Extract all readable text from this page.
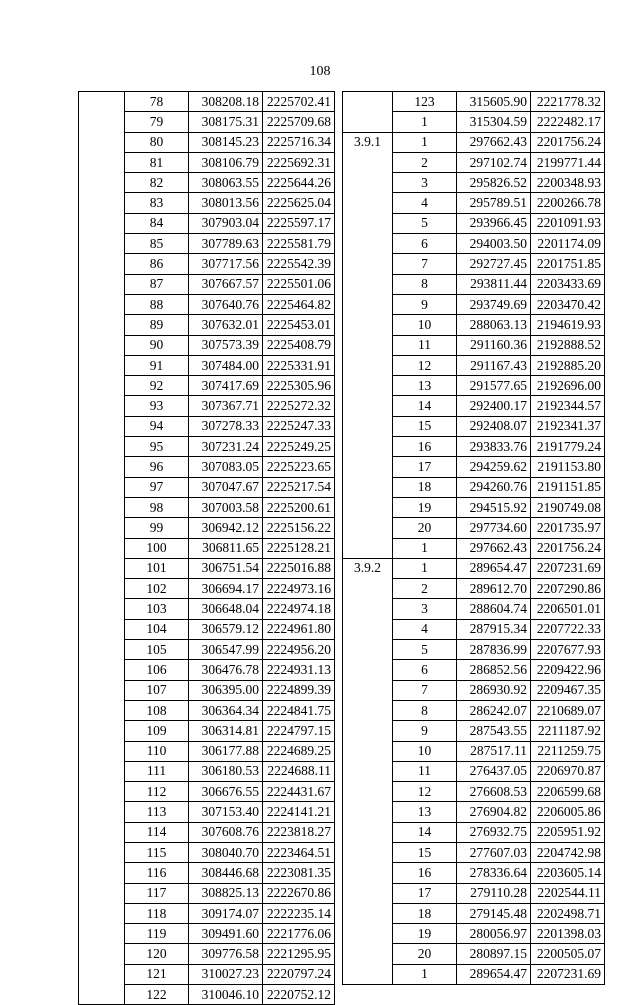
108
	78	308208.18	2225702.41
	79	308175.31	2225709.68
	80	308145.23	2225716.34
	81	308106.79	2225692.31
	82	308063.55	2225644.26
	83	308013.56	2225625.04
	84	307903.04	2225597.17
	85	307789.63	2225581.79
	86	307717.56	2225542.39
	87	307667.57	2225501.06
	88	307640.76	2225464.82
	89	307632.01	2225453.01
	90	307573.39	2225408.79
	91	307484.00	2225331.91
	92	307417.69	2225305.96
	93	307367.71	2225272.32
	94	307278.33	2225247.33
	95	307231.24	2225249.25
	96	307083.05	2225223.65
	97	307047.67	2225217.54
	98	307003.58	2225200.61
	99	306942.12	2225156.22
	100	306811.65	2225128.21
	101	306751.54	2225016.88
	102	306694.17	2224973.16
	103	306648.04	2224974.18
	104	306579.12	2224961.80
	105	306547.99	2224956.20
	106	306476.78	2224931.13
	107	306395.00	2224899.39
	108	306364.34	2224841.75
	109	306314.81	2224797.15
	110	306177.88	2224689.25
	111	306180.53	2224688.11
	112	306676.55	2224431.67
	113	307153.40	2224141.21
	114	307608.76	2223818.27
	115	308040.70	2223464.51
	116	308446.68	2223081.35
	117	308825.13	2222670.86
	118	309174.07	2222235.14
	119	309491.60	2221776.06
	120	309776.58	2221295.95
	121	310027.23	2220797.24
	122	310046.10	2220752.12
	123	315605.90	2221778.32
	1	315304.59	2222482.17
3.9.1	1	297662.43	2201756.24
	2	297102.74	2199771.44
	3	295826.52	2200348.93
	4	295789.51	2200266.78
	5	293966.45	2201091.93
	6	294003.50	2201174.09
	7	292727.45	2201751.85
	8	293811.44	2203433.69
	9	293749.69	2203470.42
	10	288063.13	2194619.93
	11	291160.36	2192888.52
	12	291167.43	2192885.20
	13	291577.65	2192696.00
	14	292400.17	2192344.57
	15	292408.07	2192341.37
	16	293833.76	2191779.24
	17	294259.62	2191153.80
	18	294260.76	2191151.85
	19	294515.92	2190749.08
	20	297734.60	2201735.97
	1	297662.43	2201756.24
3.9.2	1	289654.47	2207231.69
	2	289612.70	2207290.86
	3	288604.74	2206501.01
	4	287915.34	2207722.33
	5	287836.99	2207677.93
	6	286852.56	2209422.96
	7	286930.92	2209467.35
	8	286242.07	2210689.07
	9	287543.55	2211187.92
	10	287517.11	2211259.75
	11	276437.05	2206970.87
	12	276608.53	2206599.68
	13	276904.82	2206005.86
	14	276932.75	2205951.92
	15	277607.03	2204742.98
	16	278336.64	2203605.14
	17	279110.28	2202544.11
	18	279145.48	2202498.71
	19	280056.97	2201398.03
	20	280897.15	2200505.07
	1	289654.47	2207231.69
